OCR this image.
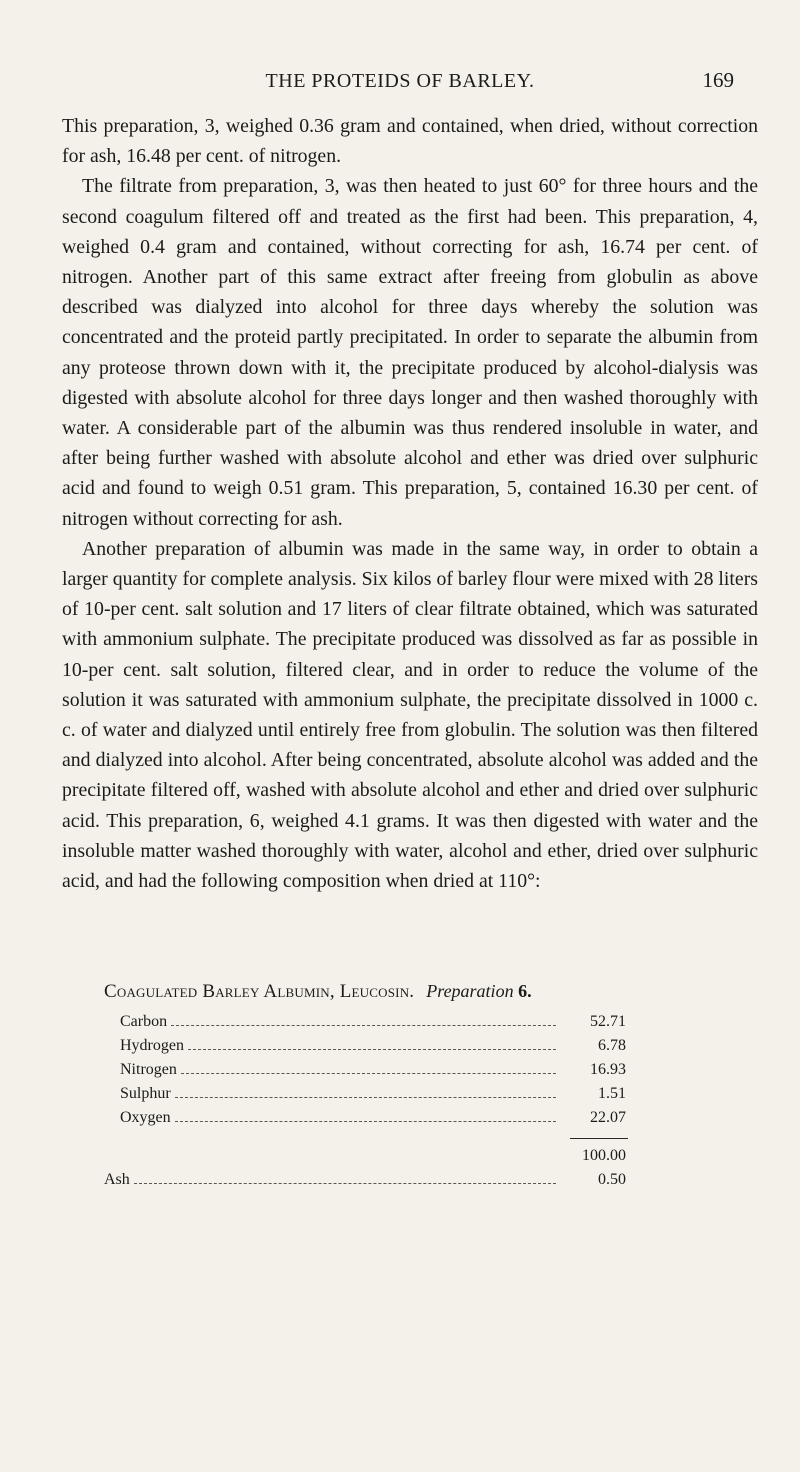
THE PROTEIDS OF BARLEY.	169

This preparation, 3, weighed 0.36 gram and contained, when dried, without correction for ash, 16.48 per cent. of nitrogen.

The filtrate from preparation, 3, was then heated to just 60° for three hours and the second coagulum filtered off and treated as the first had been. This preparation, 4, weighed 0.4 gram and contained, without correcting for ash, 16.74 per cent. of nitrogen. Another part of this same extract after freeing from globulin as above described was dialyzed into alcohol for three days whereby the solution was concentrated and the proteid partly precipitated. In order to separate the albumin from any proteose thrown down with it, the precipitate produced by alcohol-dialysis was digested with absolute alcohol for three days longer and then washed thoroughly with water. A considerable part of the albumin was thus rendered insoluble in water, and after being further washed with absolute alcohol and ether was dried over sulphuric acid and found to weigh 0.51 gram. This preparation, 5, contained 16.30 per cent. of nitrogen without correcting for ash.

Another preparation of albumin was made in the same way, in order to obtain a larger quantity for complete analysis. Six kilos of barley flour were mixed with 28 liters of 10-per cent. salt solution and 17 liters of clear filtrate obtained, which was saturated with ammonium sulphate. The precipitate produced was dissolved as far as possible in 10-per cent. salt solution, filtered clear, and in order to reduce the volume of the solution it was saturated with ammonium sulphate, the precipitate dissolved in 1000 c. c. of water and dialyzed until entirely free from globulin. The solution was then filtered and dialyzed into alcohol. After being concentrated, absolute alcohol was added and the precipitate filtered off, washed with absolute alcohol and ether and dried over sulphuric acid. This preparation, 6, weighed 4.1 grams. It was then digested with water and the insoluble matter washed thoroughly with water, alcohol and ether, dried over sulphuric acid, and had the following composition when dried at 110°:

Coagulated Barley Albumin, Leucosin. Preparation 6.
Carbon	52.71
Hydrogen	6.78
Nitrogen	16.93
Sulphur	1.51
Oxygen	22.07
100.00
Ash	0.50
